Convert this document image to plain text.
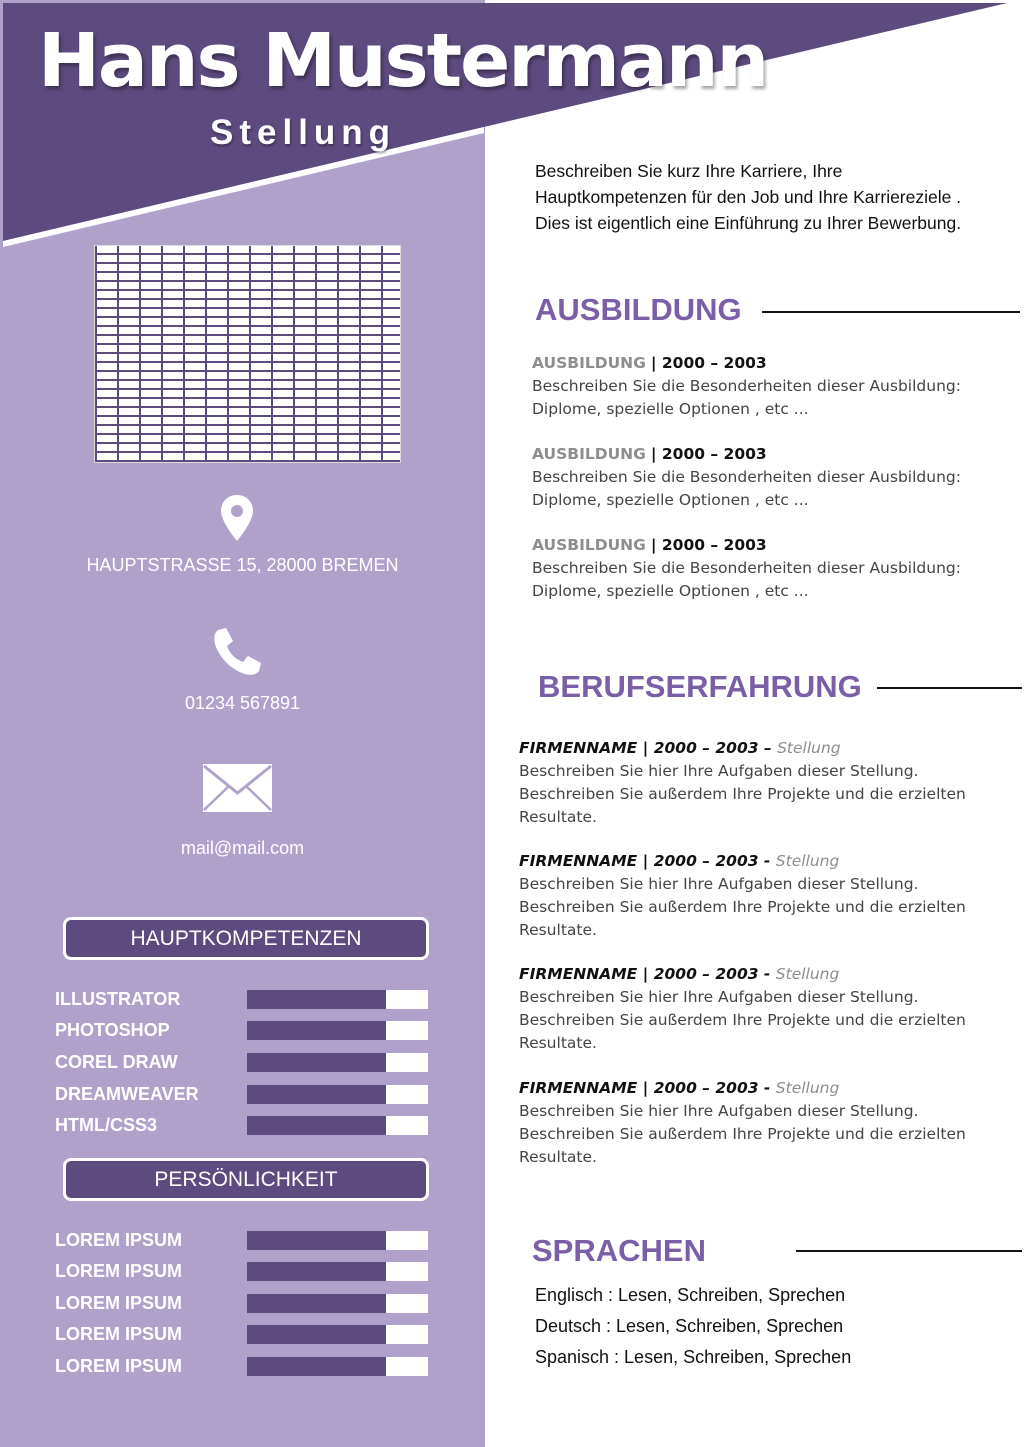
Hans Mustermann
Stellung
Beschreiben Sie kurz Ihre Karriere, Ihre Hauptkompetenzen für den Job und Ihre Karriereziele . Dies ist eigentlich eine Einführung zu Ihrer Bewerbung.
HAUPTSTRASSE 15, 28000 BREMEN
01234 567891
mail@mail.com
HAUPTKOMPETENZEN
ILLUSTRATOR
PHOTOSHOP
COREL DRAW
DREAMWEAVER
HTML/CSS3
PERSÖNLICHKEIT
LOREM IPSUM
LOREM IPSUM
LOREM IPSUM
LOREM IPSUM
LOREM IPSUM
AUSBILDUNG
AUSBILDUNG | 2000 – 2003
Beschreiben Sie die Besonderheiten dieser Ausbildung:
Diplome, spezielle Optionen , etc ...
AUSBILDUNG | 2000 – 2003
Beschreiben Sie die Besonderheiten dieser Ausbildung:
Diplome, spezielle Optionen , etc ...
AUSBILDUNG | 2000 – 2003
Beschreiben Sie die Besonderheiten dieser Ausbildung:
Diplome, spezielle Optionen , etc ...
BERUFSERFAHRUNG
FIRMENNAME | 2000 – 2003 – Stellung
Beschreiben Sie hier Ihre Aufgaben dieser Stellung.
Beschreiben Sie außerdem Ihre Projekte und die erzielten
Resultate.
FIRMENNAME | 2000 – 2003 - Stellung
Beschreiben Sie hier Ihre Aufgaben dieser Stellung.
Beschreiben Sie außerdem Ihre Projekte und die erzielten
Resultate.
FIRMENNAME | 2000 – 2003 - Stellung
Beschreiben Sie hier Ihre Aufgaben dieser Stellung.
Beschreiben Sie außerdem Ihre Projekte und die erzielten
Resultate.
FIRMENNAME | 2000 – 2003 - Stellung
Beschreiben Sie hier Ihre Aufgaben dieser Stellung.
Beschreiben Sie außerdem Ihre Projekte und die erzielten
Resultate.
SPRACHEN
Englisch : Lesen, Schreiben, Sprechen
Deutsch : Lesen, Schreiben, Sprechen
Spanisch : Lesen, Schreiben, Sprechen
